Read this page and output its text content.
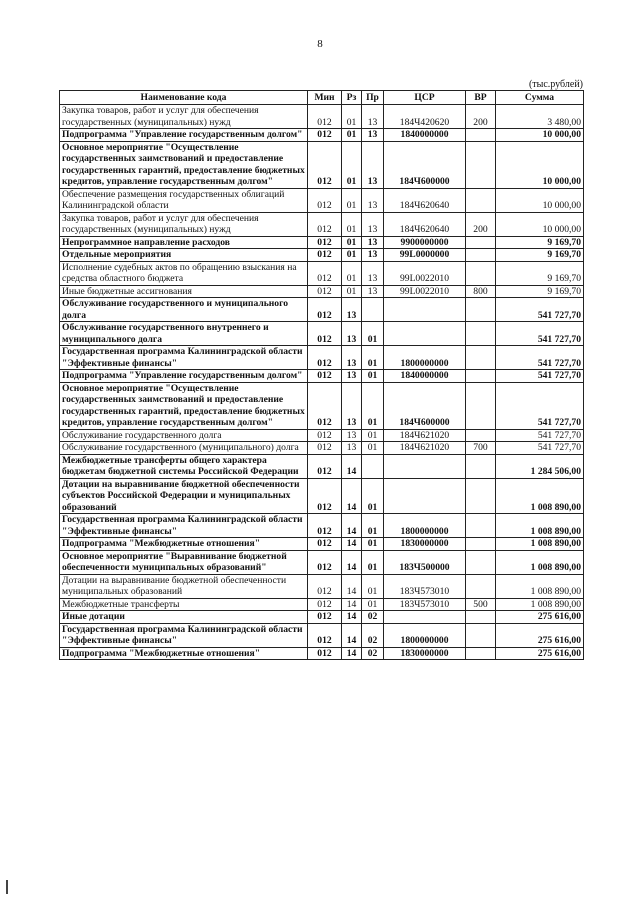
8
(тыс.рублей)
Наименование кода	Мин	Рз	Пр	ЦСР	ВР	Сумма
Закупка товаров, работ и услуг для обеспечения государственных (муниципальных) нужд	012	01	13	184Ч420620	200	3 480,00
Подпрограмма "Управление государственным долгом"	012	01	13	1840000000		10 000,00
Основное мероприятие "Осуществление государственных заимствований и предоставление государственных гарантий, предоставление бюджетных кредитов, управление государственным долгом"	012	01	13	184Ч600000		10 000,00
Обеспечение размещения государственных облигаций Калининградской области	012	01	13	184Ч620640		10 000,00
Закупка товаров, работ и услуг для обеспечения государственных (муниципальных) нужд	012	01	13	184Ч620640	200	10 000,00
Непрограммное направление расходов	012	01	13	9900000000		9 169,70
Отдельные мероприятия	012	01	13	99L0000000		9 169,70
Исполнение судебных актов по обращению взыскания на средства областного бюджета	012	01	13	99L0022010		9 169,70
Иные бюджетные ассигнования	012	01	13	99L0022010	800	9 169,70
Обслуживание государственного и муниципального долга	012	13				541 727,70
Обслуживание государственного внутреннего и муниципального долга	012	13	01			541 727,70
Государственная программа Калининградской области "Эффективные финансы"	012	13	01	1800000000		541 727,70
Подпрограмма "Управление государственным долгом"	012	13	01	1840000000		541 727,70
Основное мероприятие "Осуществление государственных заимствований и предоставление государственных гарантий, предоставление бюджетных кредитов, управление государственным долгом"	012	13	01	184Ч600000		541 727,70
Обслуживание государственного долга	012	13	01	184Ч621020		541 727,70
Обслуживание государственного (муниципального) долга	012	13	01	184Ч621020	700	541 727,70
Межбюджетные трансферты общего характера бюджетам бюджетной системы Российской Федерации	012	14				1 284 506,00
Дотации на выравнивание бюджетной обеспеченности субъектов Российской Федерации и муниципальных образований	012	14	01			1 008 890,00
Государственная программа Калининградской области "Эффективные финансы"	012	14	01	1800000000		1 008 890,00
Подпрограмма "Межбюджетные отношения"	012	14	01	1830000000		1 008 890,00
Основное мероприятие "Выравнивание бюджетной обеспеченности муниципальных образований"	012	14	01	183Ч500000		1 008 890,00
Дотации на выравнивание бюджетной обеспеченности муниципальных образований	012	14	01	183Ч573010		1 008 890,00
Межбюджетные трансферты	012	14	01	183Ч573010	500	1 008 890,00
Иные дотации	012	14	02			275 616,00
Государственная программа Калининградской области "Эффективные финансы"	012	14	02	1800000000		275 616,00
Подпрограмма "Межбюджетные отношения"	012	14	02	1830000000		275 616,00
